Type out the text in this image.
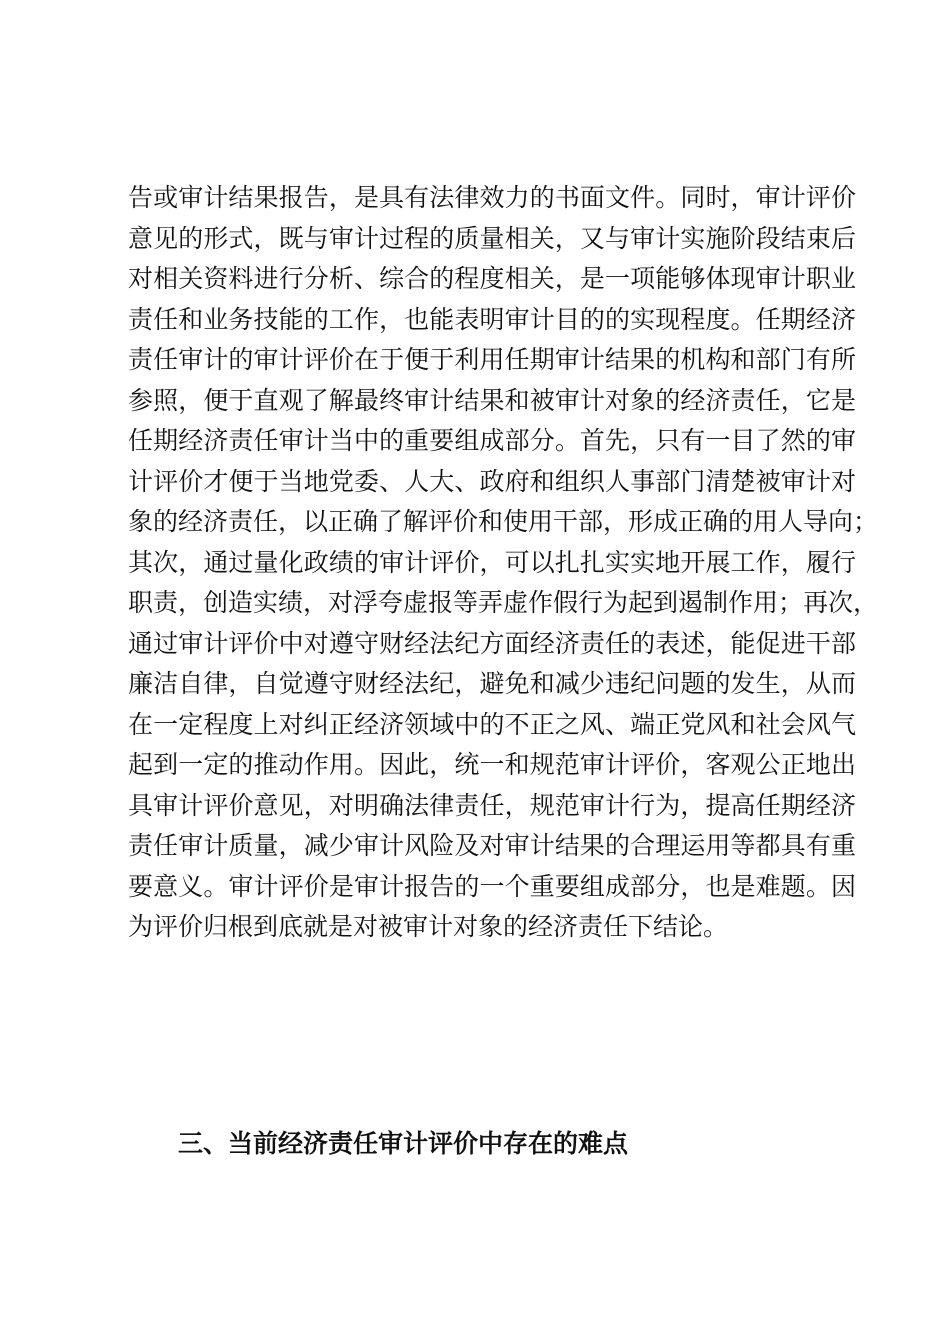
告或审计结果报告，是具有法律效力的书面文件。同时，审计评价
意见的形式，既与审计过程的质量相关，又与审计实施阶段结束后
对相关资料进行分析、综合的程度相关，是一项能够体现审计职业
责任和业务技能的工作，也能表明审计目的的实现程度。任期经济
责任审计的审计评价在于便于利用任期审计结果的机构和部门有所
参照，便于直观了解最终审计结果和被审计对象的经济责任，它是
任期经济责任审计当中的重要组成部分。首先，只有一目了然的审
计评价才便于当地党委、人大、政府和组织人事部门清楚被审计对
象的经济责任，以正确了解评价和使用干部，形成正确的用人导向；
其次，通过量化政绩的审计评价，可以扎扎实实地开展工作，履行
职责，创造实绩，对浮夸虚报等弄虚作假行为起到遏制作用；再次，
通过审计评价中对遵守财经法纪方面经济责任的表述，能促进干部
廉洁自律，自觉遵守财经法纪，避免和减少违纪问题的发生，从而
在一定程度上对纠正经济领域中的不正之风、端正党风和社会风气
起到一定的推动作用。因此，统一和规范审计评价，客观公正地出
具审计评价意见，对明确法律责任，规范审计行为，提高任期经济
责任审计质量，减少审计风险及对审计结果的合理运用等都具有重
要意义。审计评价是审计报告的一个重要组成部分，也是难题。因
为评价归根到底就是对被审计对象的经济责任下结论。

三、当前经济责任审计评价中存在的难点
